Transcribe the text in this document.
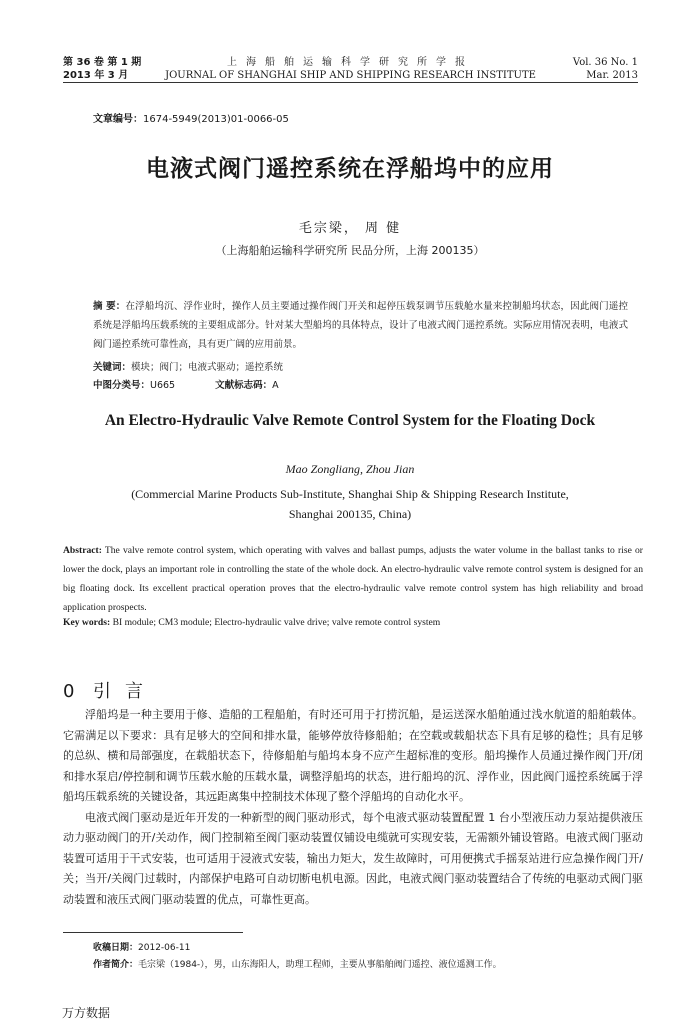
第 36 卷 第 1 期
2013 年 3 月
上海船舶运输科学研究所学报
JOURNAL OF SHANGHAI SHIP AND SHIPPING RESEARCH INSTITUTE
Vol. 36 No. 1
Mar. 2013
文章编号：1674-5949(2013)01-0066-05
电液式阀门遥控系统在浮船坞中的应用
毛宗梁， 周 健
（上海船舶运输科学研究所 民品分所，上海 200135）
摘 要：在浮船坞沉、浮作业时，操作人员主要通过操作阀门开关和起停压载泵调节压载舱水量来控制船坞状态，因此阀门遥控系统是浮船坞压载系统的主要组成部分。针对某大型船坞的具体特点，设计了电液式阀门遥控系统。实际应用情况表明，电液式阀门遥控系统可靠性高，具有更广阔的应用前景。
关键词：模块；阀门；电液式驱动；遥控系统
中图分类号：U665	文献标志码：A
An Electro-Hydraulic Valve Remote Control System for the Floating Dock
Mao Zongliang, Zhou Jian
(Commercial Marine Products Sub-Institute, Shanghai Ship & Shipping Research Institute,
Shanghai 200135, China)
Abstract: The valve remote control system, which operating with valves and ballast pumps, adjusts the water volume in the ballast tanks to rise or lower the dock, plays an important role in controlling the state of the whole dock. An electro-hydraulic valve remote control system is designed for an big floating dock. Its excellent practical operation proves that the electro-hydraulic valve remote control system has high reliability and broad application prospects.
Key words: BI module; CM3 module; Electro-hydraulic valve drive; valve remote control system
0 引言

浮船坞是一种主要用于修、造船的工程船舶，有时还可用于打捞沉船，是运送深水船舶通过浅水航道的船舶载体。它需满足以下要求：具有足够大的空间和排水量，能够停放待修船舶；在空载或载船状态下具有足够的稳性；具有足够的总纵、横和局部强度，在载船状态下，待修船舶与船坞本身不应产生超标准的变形。船坞操作人员通过操作阀门开/闭和排水泵启/停控制和调节压载水舱的压载水量，调整浮船坞的状态，进行船坞的沉、浮作业，因此阀门遥控系统属于浮船坞压载系统的关键设备，其远距离集中控制技术体现了整个浮船坞的自动化水平。

电液式阀门驱动是近年开发的一种新型的阀门驱动形式，每个电液式驱动装置配置 1 台小型液压动力泵站提供液压动力驱动阀门的开/关动作，阀门控制箱至阀门驱动装置仅铺设电缆就可实现安装，无需额外铺设管路。电液式阀门驱动装置可适用于干式安装，也可适用于浸液式安装，输出力矩大，发生故障时，可用便携式手摇泵站进行应急操作阀门开/关；当开/关阀门过载时，内部保护电路可自动切断电机电源。因此，电液式阀门驱动装置结合了传统的电驱动式阀门驱动装置和液压式阀门驱动装置的优点，可靠性更高。

收稿日期：2012-06-11
作者简介：毛宗梁（1984-），男，山东海阳人，助理工程师，主要从事船舶阀门遥控、液位遥测工作。
万方数据
